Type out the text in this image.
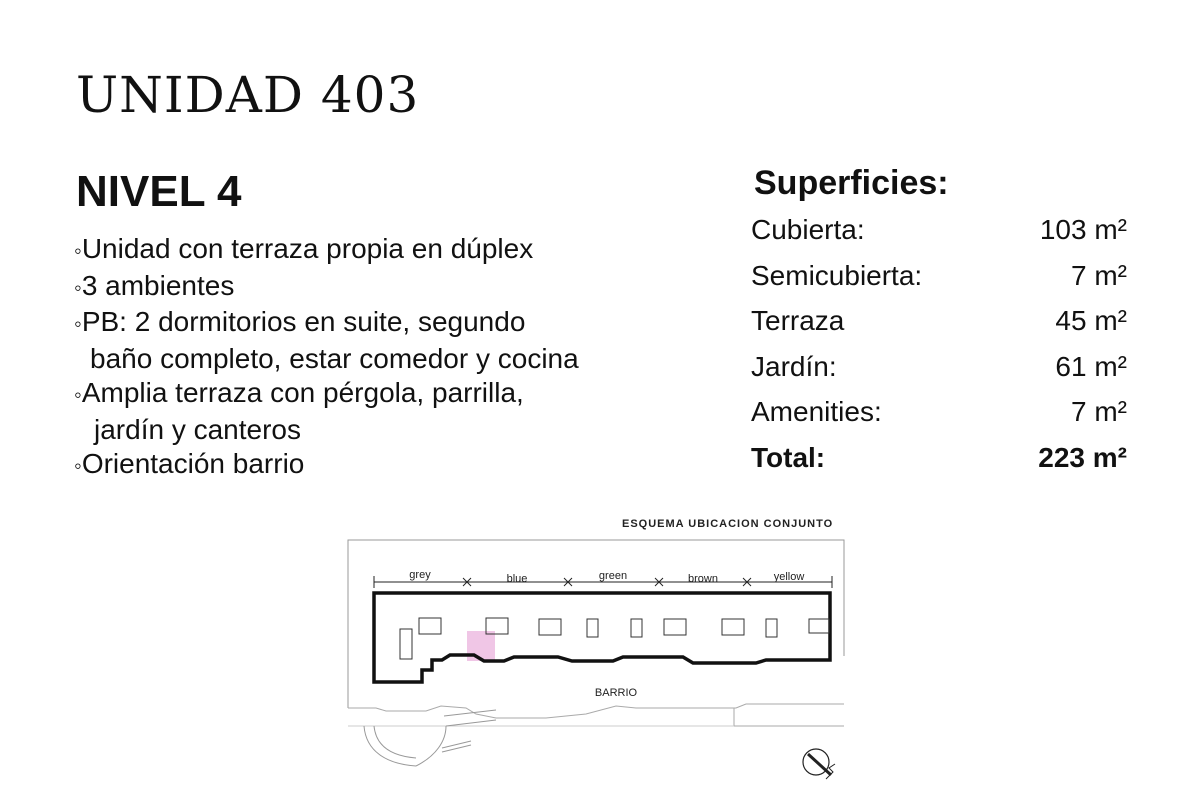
UNIDAD 403
NIVEL 4
◦ Unidad con terraza propia en dúplex
◦ 3 ambientes
◦ PB: 2 dormitorios en suite, segundo
baño completo, estar comedor y cocina
◦ Amplia terraza con pérgola, parrilla,
jardín y canteros
◦ Orientación barrio
Superficies:
Cubierta:	103 m²
Semicubierta:	7 m²
Terraza	45 m²
Jardín:	61 m²
Amenities:	7 m²
Total:	223 m²
ESQUEMA UBICACION CONJUNTO
grey	blue	green	brown	yellow
BARRIO
